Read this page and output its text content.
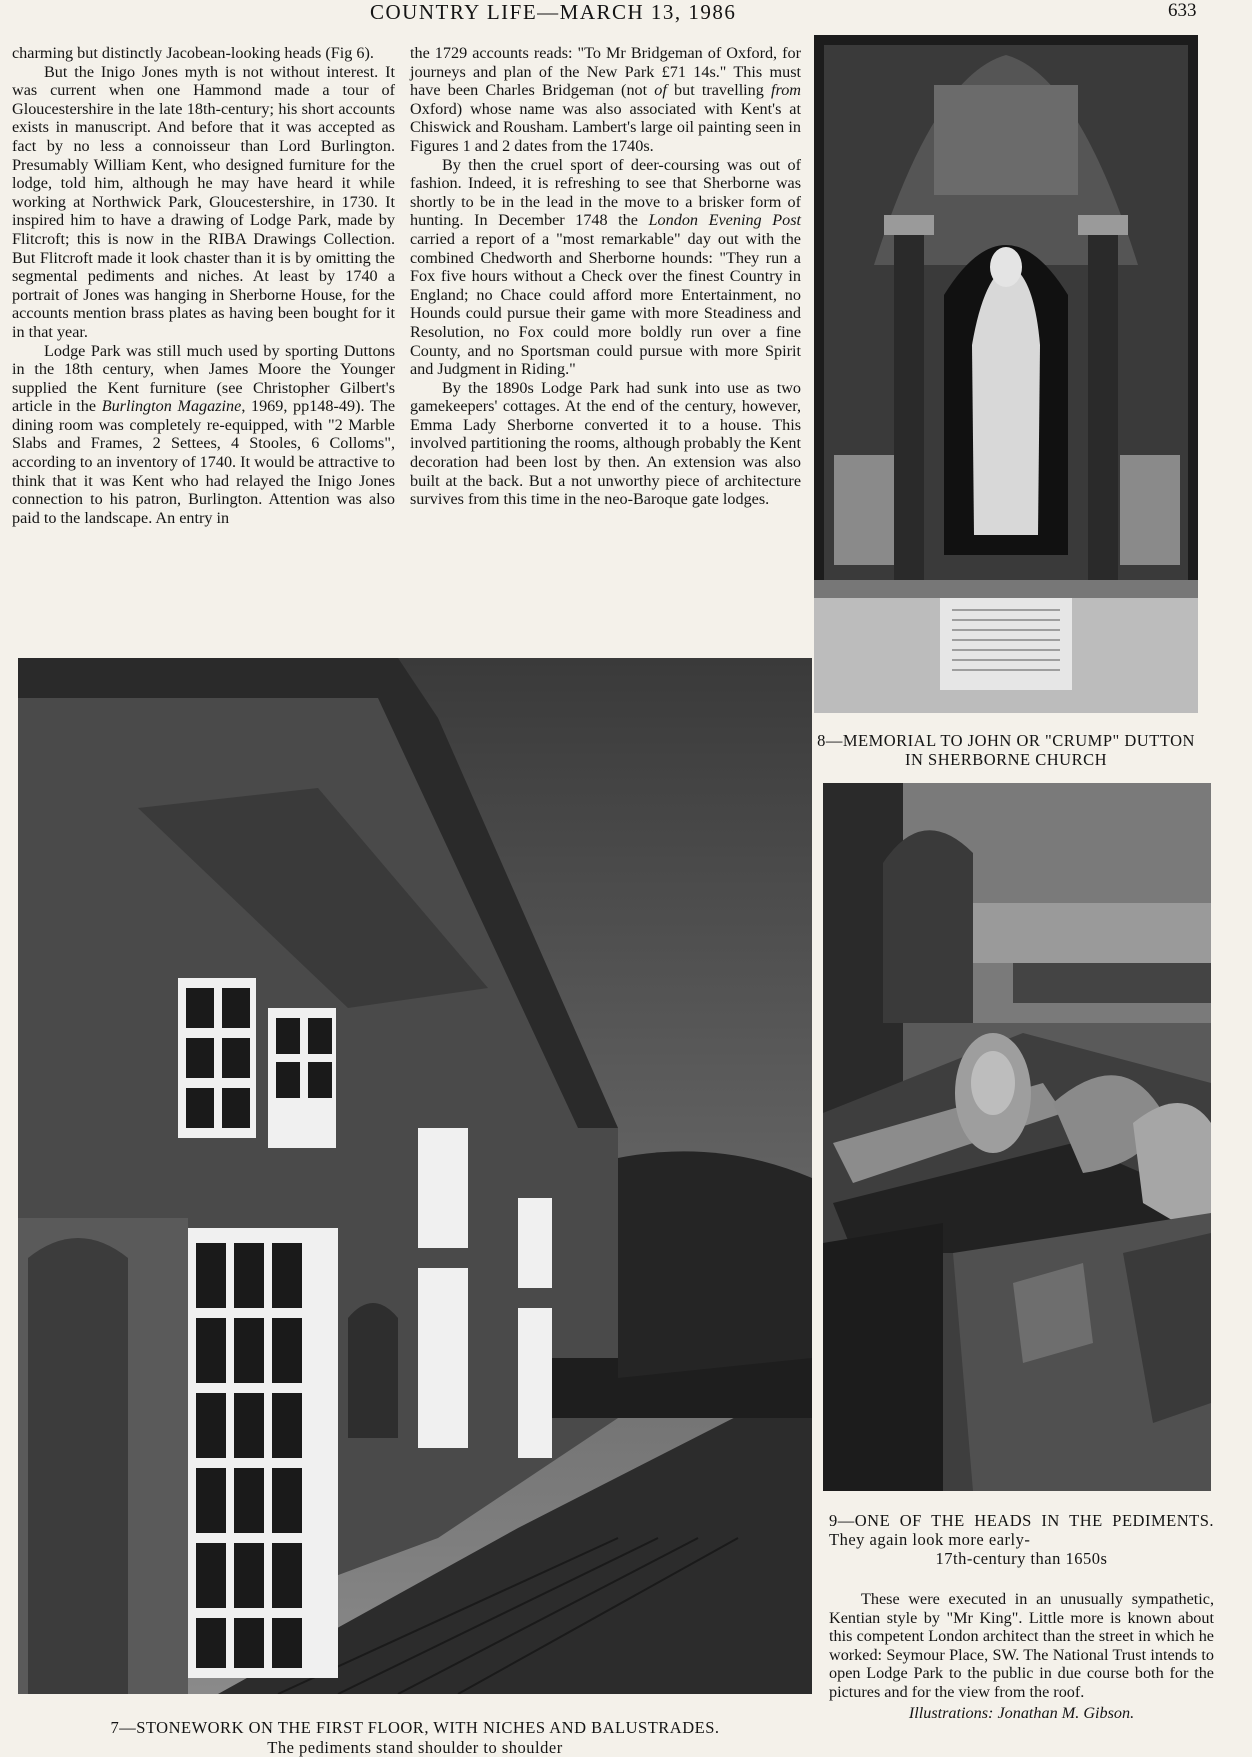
COUNTRY LIFE—MARCH 13, 1986	633

charming but distinctly Jacobean-looking heads (Fig 6).

But the Inigo Jones myth is not without interest. It was current when one Hammond made a tour of Gloucestershire in the late 18th-century; his short accounts exists in manuscript. And before that it was accepted as fact by no less a connoisseur than Lord Burlington. Presumably William Kent, who designed furniture for the lodge, told him, although he may have heard it while working at Northwick Park, Gloucestershire, in 1730. It inspired him to have a drawing of Lodge Park, made by Flitcroft; this is now in the RIBA Drawings Collection. But Flitcroft made it look chaster than it is by omitting the segmental pediments and niches. At least by 1740 a portrait of Jones was hanging in Sherborne House, for the accounts mention brass plates as having been bought for it in that year.

Lodge Park was still much used by sporting Duttons in the 18th century, when James Moore the Younger supplied the Kent furniture (see Christopher Gilbert's article in the Burlington Magazine, 1969, pp148-49). The dining room was completely re-equipped, with "2 Marble Slabs and Frames, 2 Settees, 4 Stooles, 6 Colloms", according to an inventory of 1740. It would be attractive to think that it was Kent who had relayed the Inigo Jones connection to his patron, Burlington. Attention was also paid to the landscape. An entry in

the 1729 accounts reads: "To Mr Bridgeman of Oxford, for journeys and plan of the New Park £71 14s." This must have been Charles Bridgeman (not of but travelling from Oxford) whose name was also associated with Kent's at Chiswick and Rousham. Lambert's large oil painting seen in Figures 1 and 2 dates from the 1740s.

By then the cruel sport of deer-coursing was out of fashion. Indeed, it is refreshing to see that Sherborne was shortly to be in the lead in the move to a brisker form of hunting. In December 1748 the London Evening Post carried a report of a "most remarkable" day out with the combined Chedworth and Sherborne hounds: "They run a Fox five hours without a Check over the finest Country in England; no Chace could afford more Entertainment, no Hounds could pursue their game with more Steadiness and Resolution, no Fox could more boldly run over a fine County, and no Sportsman could pursue with more Spirit and Judgment in Riding."

By the 1890s Lodge Park had sunk into use as two gamekeepers' cottages. At the end of the century, however, Emma Lady Sherborne converted it to a house. This involved partitioning the rooms, although probably the Kent decoration had been lost by then. An extension was also built at the back. But a not unworthy piece of architecture survives from this time in the neo-Baroque gate lodges.

8—MEMORIAL TO JOHN OR "CRUMP" DUTTON IN SHERBORNE CHURCH
7—STONEWORK ON THE FIRST FLOOR, WITH NICHES AND BALUSTRADES.
The pediments stand shoulder to shoulder
9—ONE OF THE HEADS IN THE PEDIMENTS. They again look more early-
17th-century than 1650s

These were executed in an unusually sympathetic, Kentian style by "Mr King". Little more is known about this competent London architect than the street in which he worked: Seymour Place, SW. The National Trust intends to open Lodge Park to the public in due course both for the pictures and for the view from the roof.

Illustrations: Jonathan M. Gibson.
